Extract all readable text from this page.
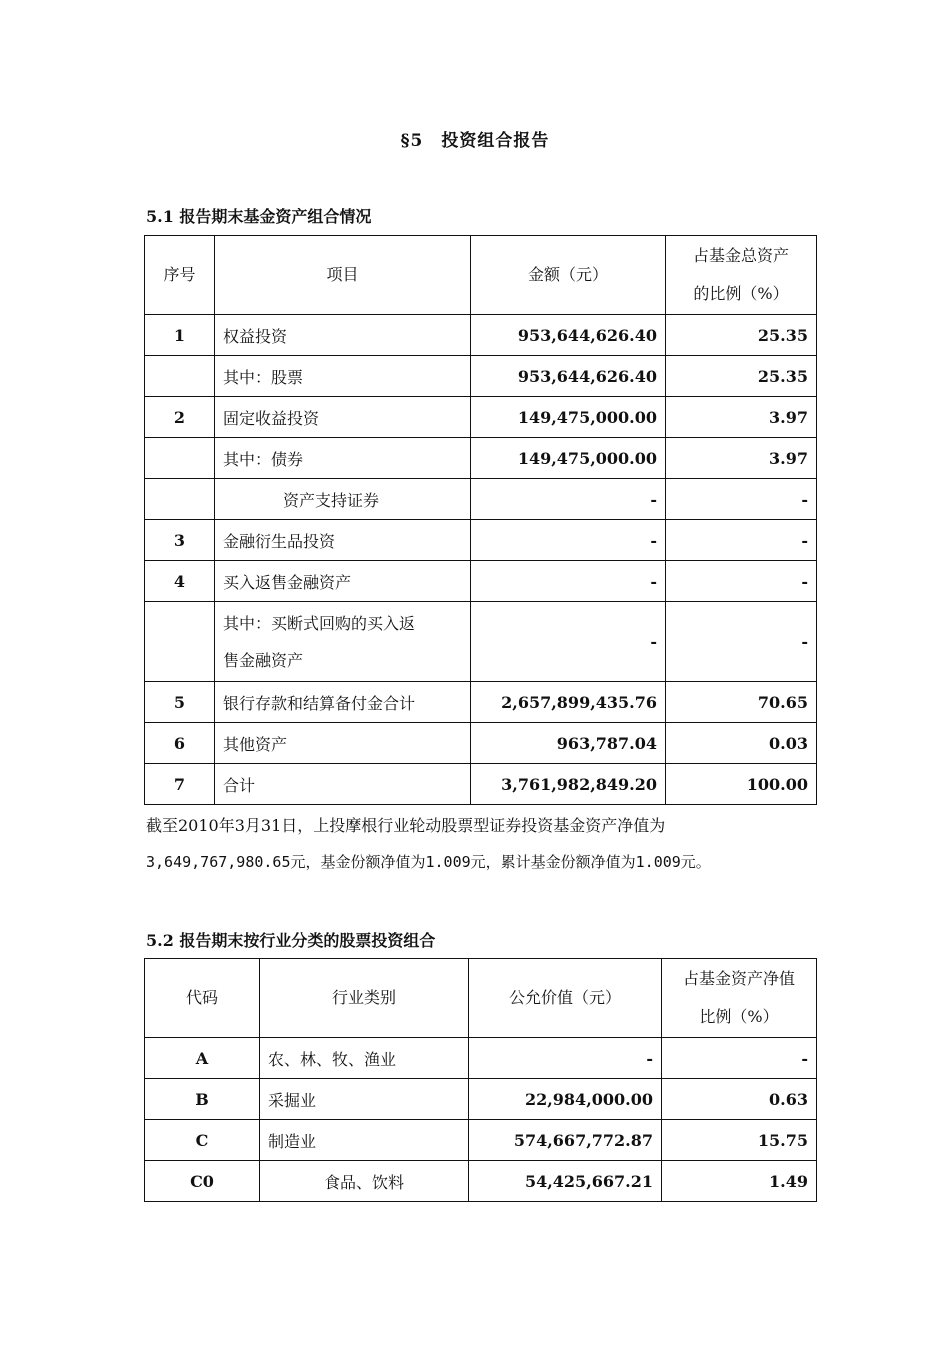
§5　投资组合报告
5.1 报告期末基金资产组合情况
序号	项目	金额（元）	占基金总资产
的比例（%）
1	权益投资	953,644,626.40	25.35
	其中：股票	953,644,626.40	25.35
2	固定收益投资	149,475,000.00	3.97
	其中：债券	149,475,000.00	3.97
	资产支持证券	-	-
3	金融衍生品投资	-	-
4	买入返售金融资产	-	-
	其中：买断式回购的买入返
售金融资产	-	-
5	银行存款和结算备付金合计	2,657,899,435.76	70.65
6	其他资产	963,787.04	0.03
7	合计	3,761,982,849.20	100.00
截至2010年3月31日，上投摩根行业轮动股票型证券投资基金资产净值为
3,649,767,980.65元，基金份额净值为1.009元，累计基金份额净值为1.009元。
5.2 报告期末按行业分类的股票投资组合
代码	行业类别	公允价值（元）	占基金资产净值
比例（%）
A	农、林、牧、渔业	-	-
B	采掘业	22,984,000.00	0.63
C	制造业	574,667,772.87	15.75
C0	食品、饮料	54,425,667.21	1.49
